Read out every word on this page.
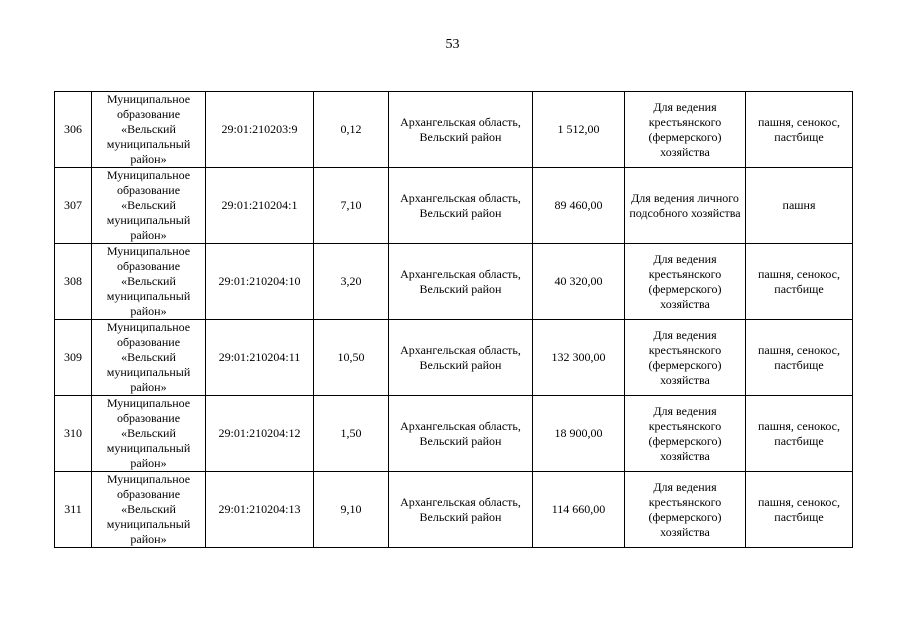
53
306	Муниципальное образование «Вельский муниципальный район»	29:01:210203:9	0,12	Архангельская область, Вельский район	1 512,00	Для ведения крестьянского (фермерского) хозяйства	пашня, сенокос, пастбище
307	Муниципальное образование «Вельский муниципальный район»	29:01:210204:1	7,10	Архангельская область, Вельский район	89 460,00	Для ведения личного подсобного хозяйства	пашня
308	Муниципальное образование «Вельский муниципальный район»	29:01:210204:10	3,20	Архангельская область, Вельский район	40 320,00	Для ведения крестьянского (фермерского) хозяйства	пашня, сенокос, пастбище
309	Муниципальное образование «Вельский муниципальный район»	29:01:210204:11	10,50	Архангельская область, Вельский район	132 300,00	Для ведения крестьянского (фермерского) хозяйства	пашня, сенокос, пастбище
310	Муниципальное образование «Вельский муниципальный район»	29:01:210204:12	1,50	Архангельская область, Вельский район	18 900,00	Для ведения крестьянского (фермерского) хозяйства	пашня, сенокос, пастбище
311	Муниципальное образование «Вельский муниципальный район»	29:01:210204:13	9,10	Архангельская область, Вельский район	114 660,00	Для ведения крестьянского (фермерского) хозяйства	пашня, сенокос, пастбище
